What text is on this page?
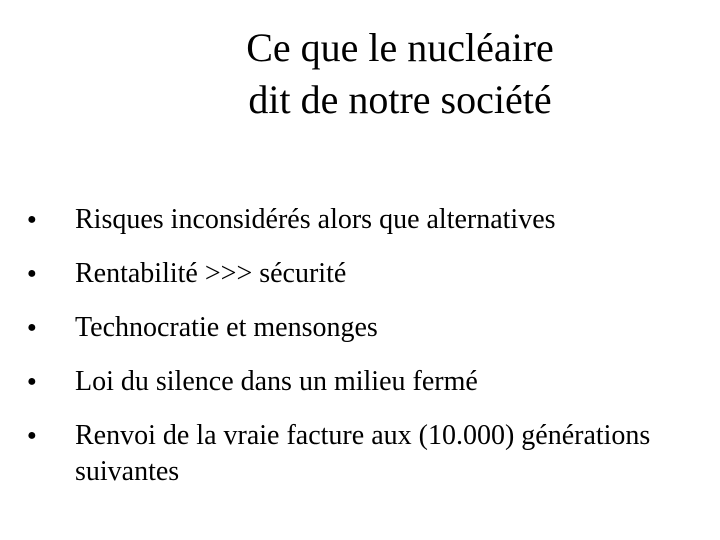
Ce que le nucléaire
dit de notre société
●	Risques inconsidérés alors que alternatives
●	Rentabilité >>> sécurité
●	Technocratie et mensonges
●	Loi du silence dans un milieu fermé
●	Renvoi de la vraie facture aux (10.000) générations
suivantes
